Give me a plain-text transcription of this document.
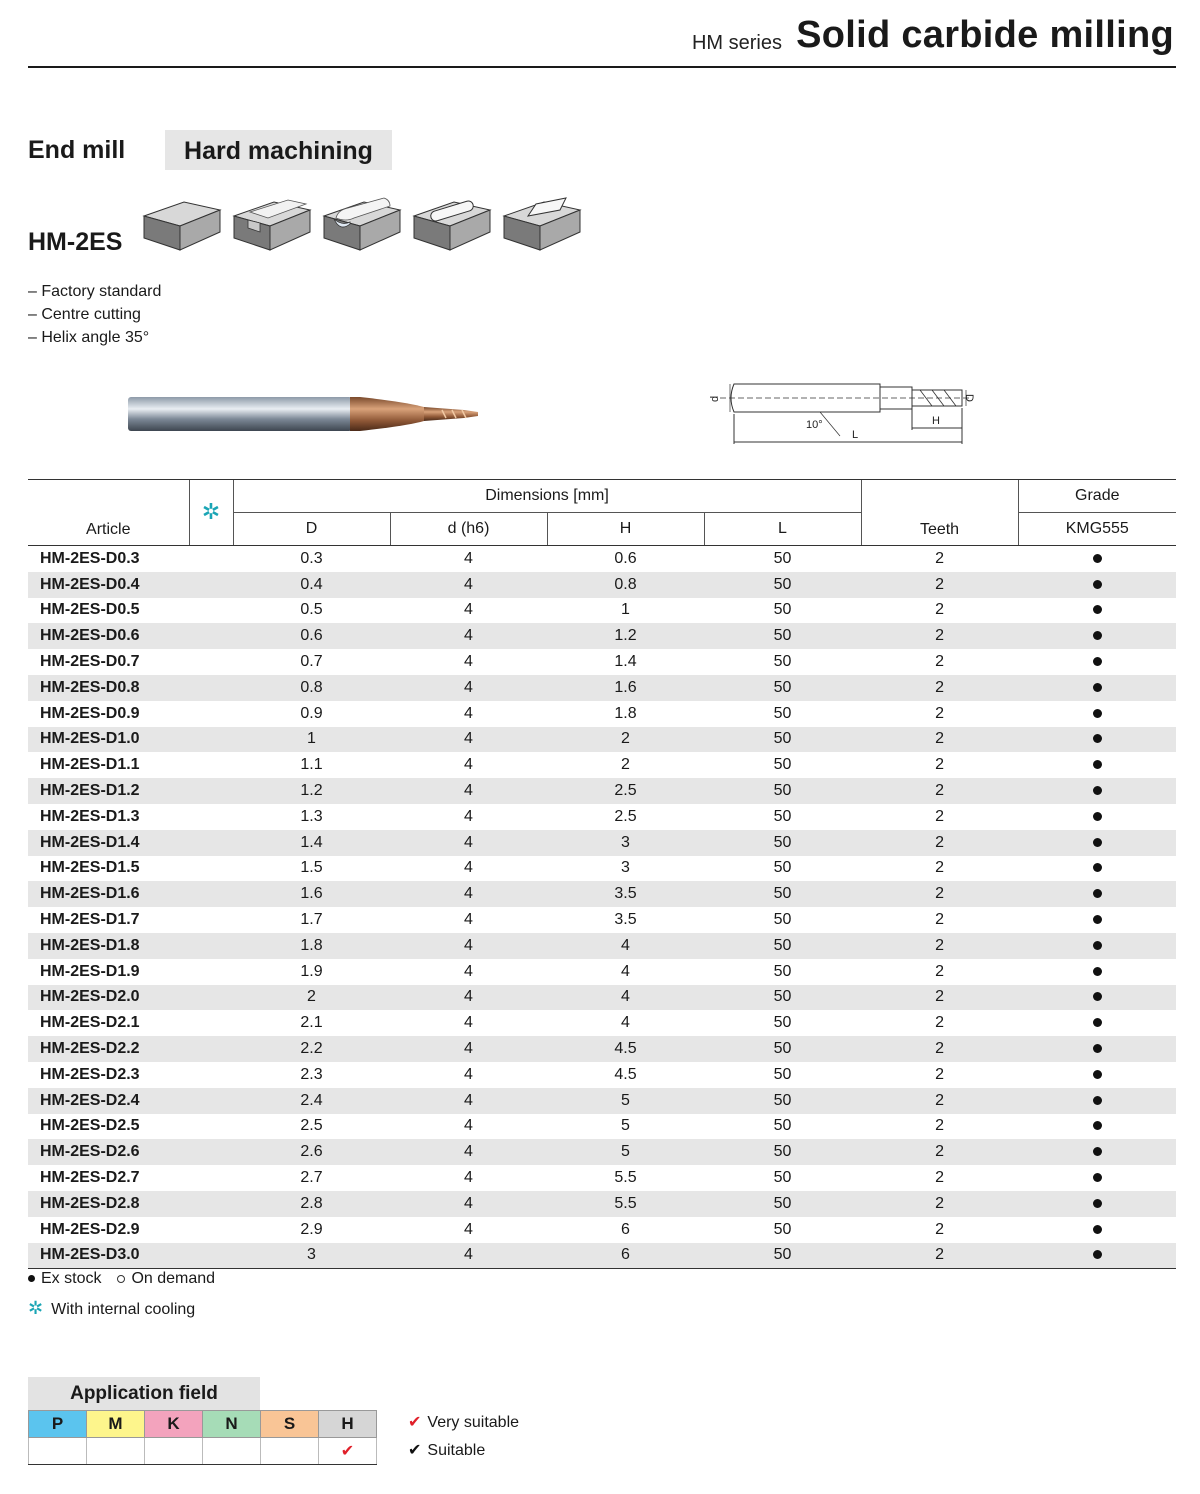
HM series Solid carbide milling
End mill	Hard machining
HM-2ES
– Factory standard
– Centre cutting
– Helix angle 35°
d	D
H
L
10°
Article	✲	Dimensions [mm]				Teeth	Grade
		D	d (h6)	H	L		KMG555
HM-2ES-D0.3		0.3	4	0.6	50	2	
HM-2ES-D0.4		0.4	4	0.8	50	2	
HM-2ES-D0.5		0.5	4	1	50	2	
HM-2ES-D0.6		0.6	4	1.2	50	2	
HM-2ES-D0.7		0.7	4	1.4	50	2	
HM-2ES-D0.8		0.8	4	1.6	50	2	
HM-2ES-D0.9		0.9	4	1.8	50	2	
HM-2ES-D1.0		1	4	2	50	2	
HM-2ES-D1.1		1.1	4	2	50	2	
HM-2ES-D1.2		1.2	4	2.5	50	2	
HM-2ES-D1.3		1.3	4	2.5	50	2	
HM-2ES-D1.4		1.4	4	3	50	2	
HM-2ES-D1.5		1.5	4	3	50	2	
HM-2ES-D1.6		1.6	4	3.5	50	2	
HM-2ES-D1.7		1.7	4	3.5	50	2	
HM-2ES-D1.8		1.8	4	4	50	2	
HM-2ES-D1.9		1.9	4	4	50	2	
HM-2ES-D2.0		2	4	4	50	2	
HM-2ES-D2.1		2.1	4	4	50	2	
HM-2ES-D2.2		2.2	4	4.5	50	2	
HM-2ES-D2.3		2.3	4	4.5	50	2	
HM-2ES-D2.4		2.4	4	5	50	2	
HM-2ES-D2.5		2.5	4	5	50	2	
HM-2ES-D2.6		2.6	4	5	50	2	
HM-2ES-D2.7		2.7	4	5.5	50	2	
HM-2ES-D2.8		2.8	4	5.5	50	2	
HM-2ES-D2.9		2.9	4	6	50	2	
HM-2ES-D3.0		3	4	6	50	2	
Ex stock On demand
✲ With internal cooling
Application field
P	M	K	N	S	H
					✔
✔ Very suitable
✔ Suitable
